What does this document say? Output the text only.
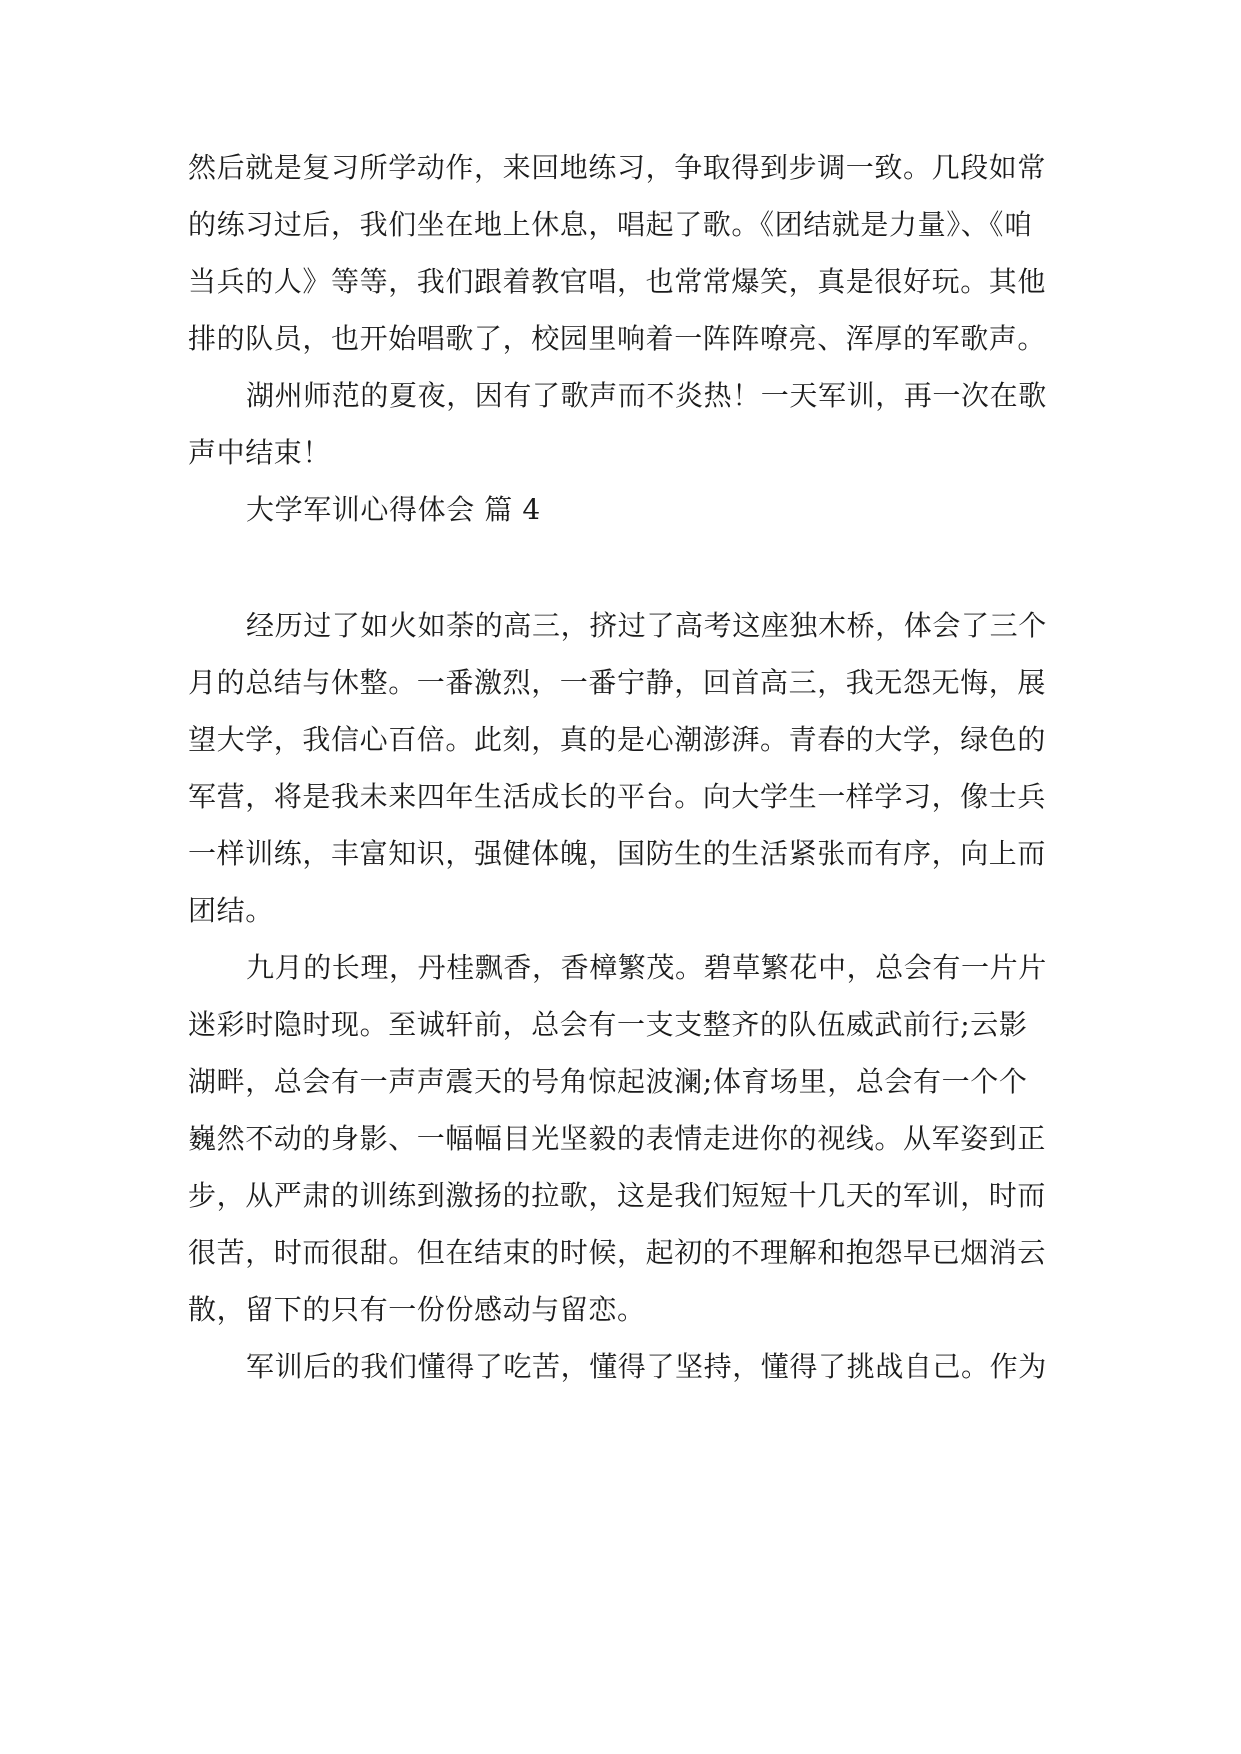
然后就是复习所学动作，来回地练习，争取得到步调一致。几段如常
的练习过后，我们坐在地上休息，唱起了歌。《团结就是力量》、《咱
当兵的人》等等，我们跟着教官唱，也常常爆笑，真是很好玩。其他
排的队员，也开始唱歌了，校园里响着一阵阵嘹亮、浑厚的军歌声。
湖州师范的夏夜，因有了歌声而不炎热！一天军训，再一次在歌
声中结束！
大学军训心得体会 篇 4
经历过了如火如荼的高三，挤过了高考这座独木桥，体会了三个
月的总结与休整。一番激烈，一番宁静，回首高三，我无怨无悔，展
望大学，我信心百倍。此刻，真的是心潮澎湃。青春的大学，绿色的
军营，将是我未来四年生活成长的平台。向大学生一样学习，像士兵
一样训练，丰富知识，强健体魄，国防生的生活紧张而有序，向上而
团结。
九月的长理，丹桂飘香，香樟繁茂。碧草繁花中，总会有一片片
迷彩时隐时现。至诚轩前，总会有一支支整齐的队伍威武前行;云影
湖畔，总会有一声声震天的号角惊起波澜;体育场里，总会有一个个
巍然不动的身影、一幅幅目光坚毅的表情走进你的视线。从军姿到正
步，从严肃的训练到激扬的拉歌，这是我们短短十几天的军训，时而
很苦，时而很甜。但在结束的时候，起初的不理解和抱怨早已烟消云
散，留下的只有一份份感动与留恋。
军训后的我们懂得了吃苦，懂得了坚持，懂得了挑战自己。作为
